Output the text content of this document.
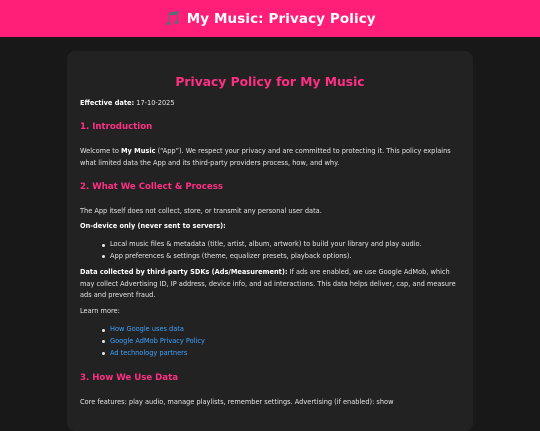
🎵 My Music: Privacy Policy
Privacy Policy for My Music
Effective date: 17-10-2025
1. Introduction
Welcome to My Music (“App”). We respect your privacy and are committed to protecting it. This policy explains what limited data the App and its third-party providers process, how, and why.
2. What We Collect & Process
The App itself does not collect, store, or transmit any personal user data.
On-device only (never sent to servers):
Local music files & metadata (title, artist, album, artwork) to build your library and play audio.
App preferences & settings (theme, equalizer presets, playback options).
Data collected by third-party SDKs (Ads/Measurement): If ads are enabled, we use Google AdMob, which may collect Advertising ID, IP address, device info, and ad interactions. This data helps deliver, cap, and measure ads and prevent fraud.
Learn more:
How Google uses data
Google AdMob Privacy Policy
Ad technology partners
3. How We Use Data
Core features: play audio, manage playlists, remember settings. Advertising (if enabled): show
